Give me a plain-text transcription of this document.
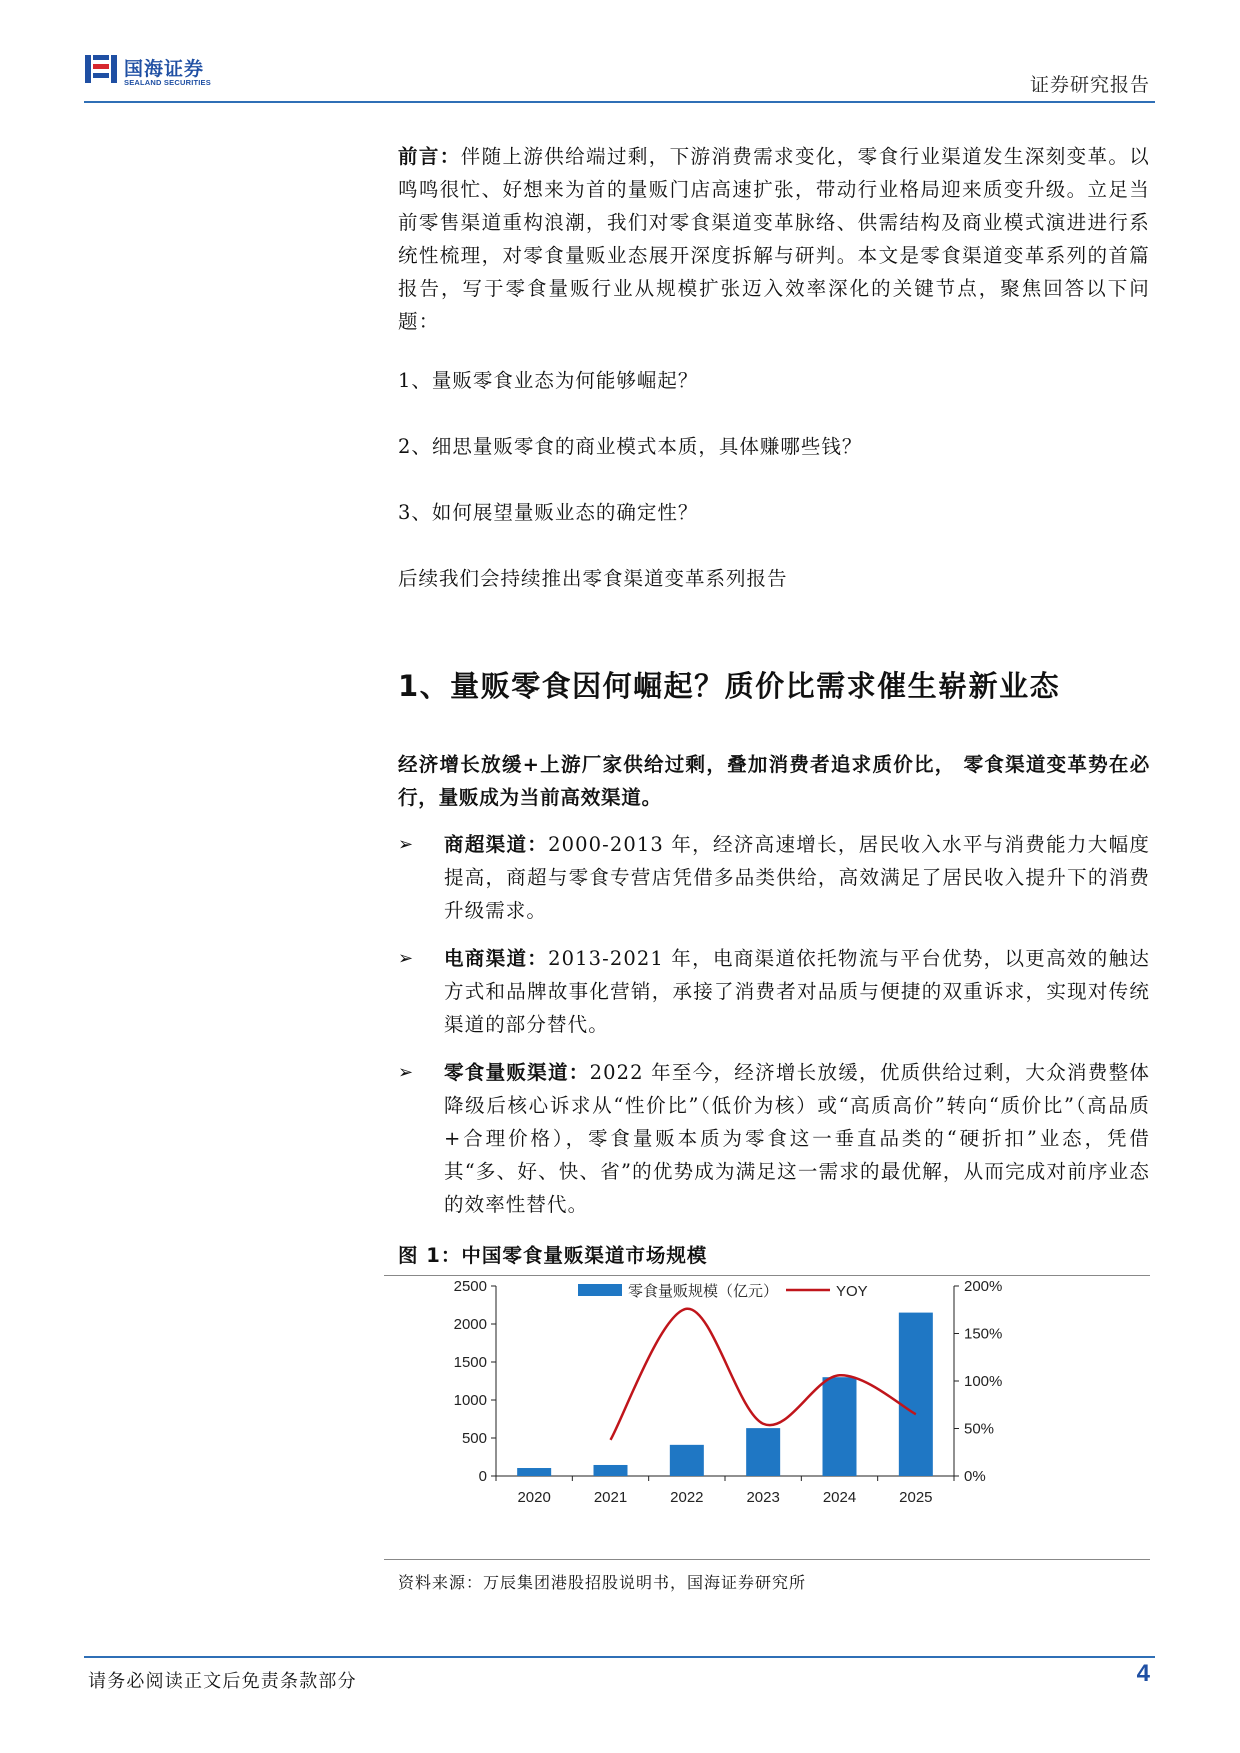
国海证券
SEALAND SECURITIES	证券研究报告

前言：伴随上游供给端过剩，下游消费需求变化，零食行业渠道发生深刻变革。以鸣鸣很忙、好想来为首的量贩门店高速扩张，带动行业格局迎来质变升级。立足当前零售渠道重构浪潮，我们对零食渠道变革脉络、供需结构及商业模式演进进行系统性梳理，对零食量贩业态展开深度拆解与研判。本文是零食渠道变革系列的首篇报告，写于零食量贩行业从规模扩张迈入效率深化的关键节点，聚焦回答以下问题：

1、量贩零食业态为何能够崛起？

2、细思量贩零食的商业模式本质，具体赚哪些钱？

3、如何展望量贩业态的确定性？

后续我们会持续推出零食渠道变革系列报告

1、量贩零食因何崛起？质价比需求催生崭新业态

经济增长放缓+上游厂家供给过剩，叠加消费者追求质价比， 零食渠道变革势在必行，量贩成为当前高效渠道。

➢ 商超渠道：2000-2013 年，经济高速增长，居民收入水平与消费能力大幅度提高，商超与零食专营店凭借多品类供给，高效满足了居民收入提升下的消费升级需求。

➢ 电商渠道：2013-2021 年，电商渠道依托物流与平台优势，以更高效的触达方式和品牌故事化营销，承接了消费者对品质与便捷的双重诉求，实现对传统渠道的部分替代。

➢ 零食量贩渠道：2022 年至今，经济增长放缓，优质供给过剩，大众消费整体降级后核心诉求从“性价比”（低价为核）或“高质高价”转向“质价比”（高品质+合理价格），零食量贩本质为零食这一垂直品类的“硬折扣”业态，凭借其“多、好、快、省”的优势成为满足这一需求的最优解，从而完成对前序业态的效率性替代。

图 1：中国零食量贩渠道市场规模

0
500
1000
1500
2000
2500
0%
50%
100%
150%
200%
2020	2021	2022	2023	2024	2025
零食量贩规模（亿元）	YOY

资料来源：万辰集团港股招股说明书，国海证券研究所

请务必阅读正文后免责条款部分	4
